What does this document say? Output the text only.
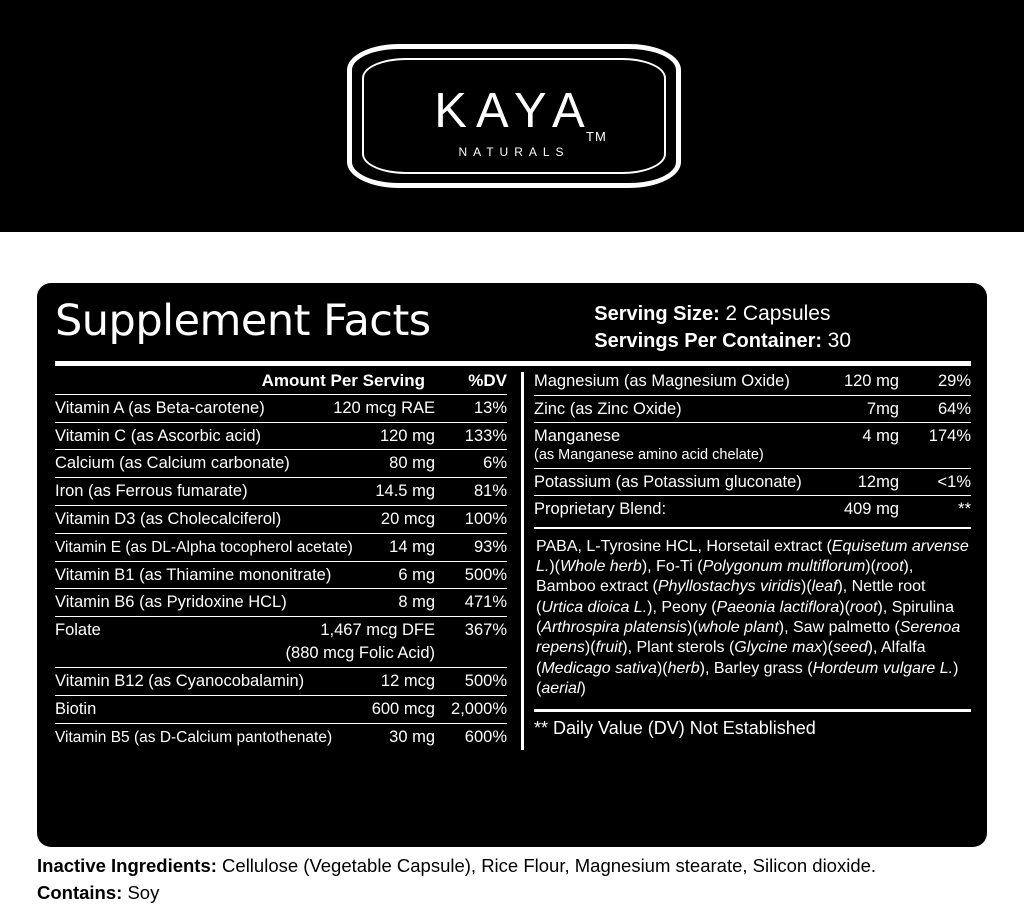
KAYA
NATURALS
TM
Supplement Facts	Serving Size: 2 Capsules
Servings Per Container: 30
Amount Per Serving	%DV
Vitamin A (as Beta-carotene)	120 mcg RAE	13%
Vitamin C (as Ascorbic acid)	120 mg	133%
Calcium (as Calcium carbonate)	80 mg	6%
Iron (as Ferrous fumarate)	14.5 mg	81%
Vitamin D3 (as Cholecalciferol)	20 mcg	100%
Vitamin E (as DL-Alpha tocopherol acetate)	14 mg	93%
Vitamin B1 (as Thiamine mononitrate)	6 mg	500%
Vitamin B6 (as Pyridoxine HCL)	8 mg	471%
Folate	1,467 mcg DFE	367%
(880 mcg Folic Acid)
Vitamin B12 (as Cyanocobalamin)	12 mcg	500%
Biotin	600 mcg 2,000%
Vitamin B5 (as D-Calcium pantothenate)	30 mg	600%
Magnesium (as Magnesium Oxide)	120 mg	29%
Zinc (as Zinc Oxide)	7mg	64%
Manganese
(as Manganese amino acid chelate)
4 mg	174%
Potassium (as Potassium gluconate)	12mg	<1%
Proprietary Blend:	409 mg	**
PABA, L-Tyrosine HCL, Horsetail extract (Equisetum arvense L.)(Whole herb), Fo-Ti (Polygonum multiflorum)(root), Bamboo extract (Phyllostachys viridis)(leaf), Nettle root (Urtica dioica L.), Peony (Paeonia lactiflora)(root), Spirulina (Arthrospira platensis)(whole plant), Saw palmetto (Serenoa repens)(fruit), Plant sterols (Glycine max)(seed), Alfalfa (Medicago sativa)(herb), Barley grass (Hordeum vulgare L.)(aerial)
** Daily Value (DV) Not Established
Inactive Ingredients: Cellulose (Vegetable Capsule), Rice Flour, Magnesium stearate, Silicon dioxide.
Contains: Soy
